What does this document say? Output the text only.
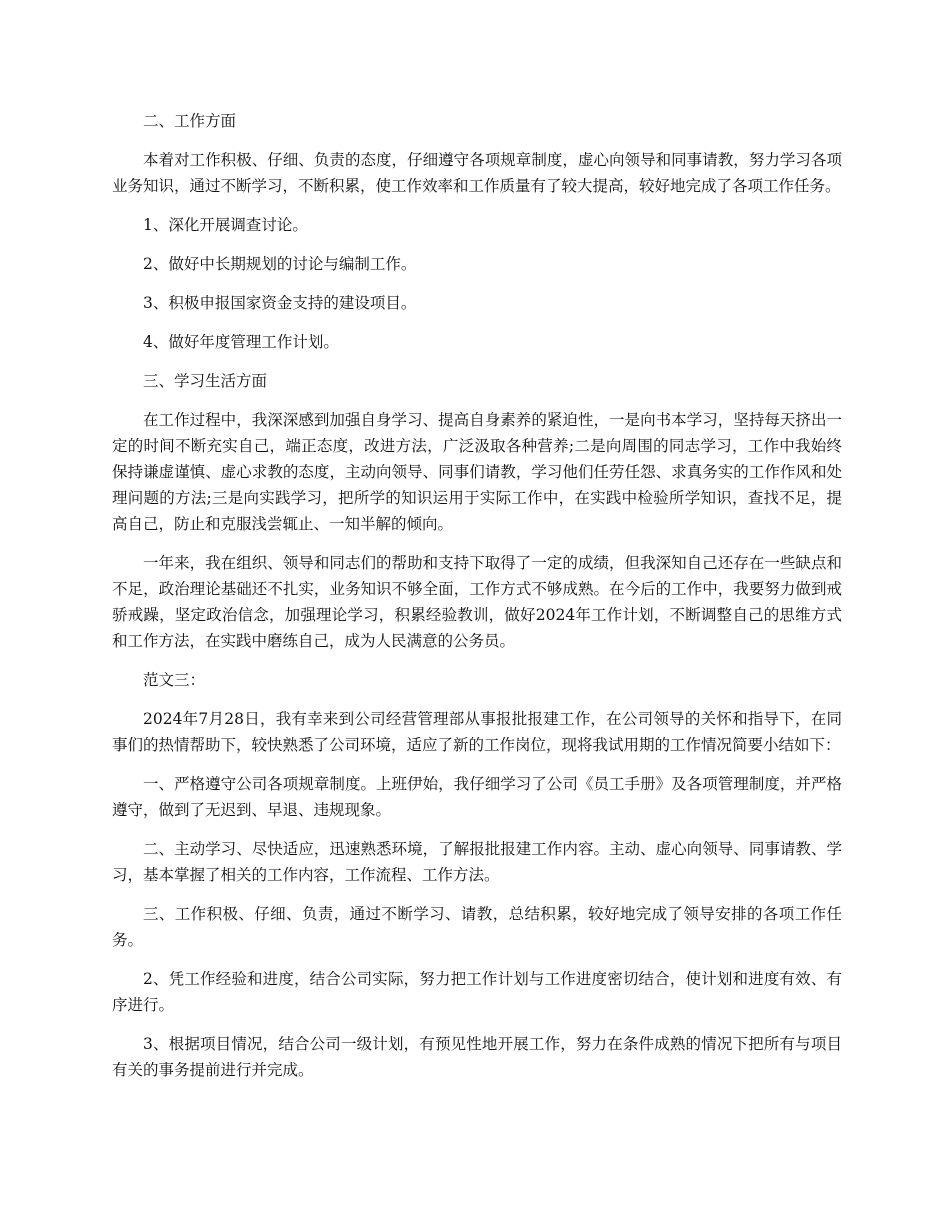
二、工作方面

本着对工作积极、仔细、负责的态度，仔细遵守各项规章制度，虚心向领导和同事请教，努力学习各项业务知识，通过不断学习，不断积累，使工作效率和工作质量有了较大提高，较好地完成了各项工作任务。

1、深化开展调查讨论。

2、做好中长期规划的讨论与编制工作。

3、积极申报国家资金支持的建设项目。

4、做好年度管理工作计划。

三、学习生活方面

在工作过程中，我深深感到加强自身学习、提高自身素养的紧迫性，一是向书本学习，坚持每天挤出一定的时间不断充实自己，端正态度，改进方法，广泛汲取各种营养;二是向周围的同志学习，工作中我始终保持谦虚谨慎、虚心求教的态度，主动向领导、同事们请教，学习他们任劳任怨、求真务实的工作作风和处理问题的方法;三是向实践学习，把所学的知识运用于实际工作中，在实践中检验所学知识，查找不足，提高自己，防止和克服浅尝辄止、一知半解的倾向。

一年来，我在组织、领导和同志们的帮助和支持下取得了一定的成绩，但我深知自己还存在一些缺点和不足，政治理论基础还不扎实，业务知识不够全面，工作方式不够成熟。在今后的工作中，我要努力做到戒骄戒躁，坚定政治信念，加强理论学习，积累经验教训，做好2024年工作计划，不断调整自己的思维方式和工作方法，在实践中磨练自己，成为人民满意的公务员。

范文三：

2024年7月28日，我有幸来到公司经营管理部从事报批报建工作，在公司领导的关怀和指导下，在同事们的热情帮助下，较快熟悉了公司环境，适应了新的工作岗位，现将我试用期的工作情况简要小结如下：

一、严格遵守公司各项规章制度。上班伊始，我仔细学习了公司《员工手册》及各项管理制度，并严格遵守，做到了无迟到、早退、违规现象。

二、主动学习、尽快适应，迅速熟悉环境，了解报批报建工作内容。主动、虚心向领导、同事请教、学习，基本掌握了相关的工作内容，工作流程、工作方法。

三、工作积极、仔细、负责，通过不断学习、请教，总结积累，较好地完成了领导安排的各项工作任务。

2、凭工作经验和进度，结合公司实际，努力把工作计划与工作进度密切结合，使计划和进度有效、有序进行。

3、根据项目情况，结合公司一级计划，有预见性地开展工作，努力在条件成熟的情况下把所有与项目有关的事务提前进行并完成。
